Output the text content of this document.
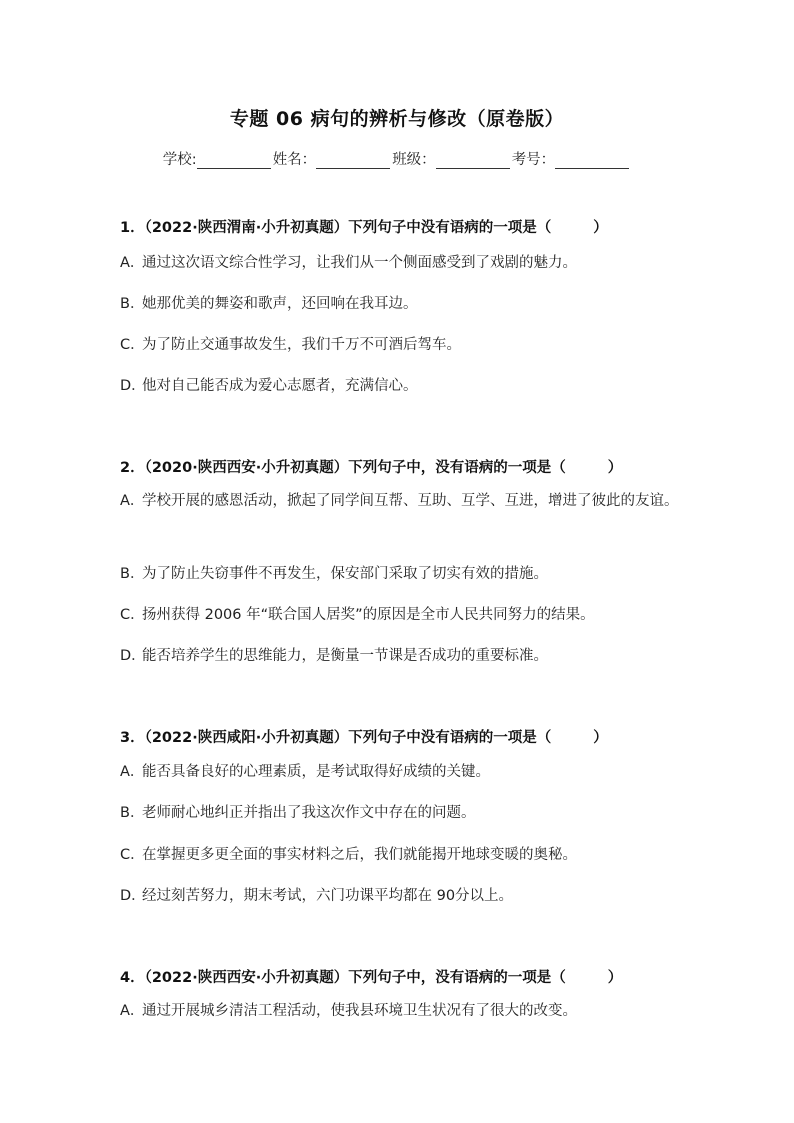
专题 06 病句的辨析与修改（原卷版）
学校:	姓名：	班级：	考号：
1．（2022·陕西渭南·小升初真题）下列句子中没有语病的一项是（	）
A．通过这次语文综合性学习，让我们从一个侧面感受到了戏剧的魅力。
B．她那优美的舞姿和歌声，还回响在我耳边。
C．为了防止交通事故发生，我们千万不可酒后驾车。
D．他对自己能否成为爱心志愿者，充满信心。
2．（2020·陕西西安·小升初真题）下列句子中，没有语病的一项是（	）
A．学校开展的感恩活动，掀起了同学间互帮、互助、互学、互进，增进了彼此的友谊。
B．为了防止失窃事件不再发生，保安部门采取了切实有效的措施。
C．扬州获得 2006 年“联合国人居奖”的原因是全市人民共同努力的结果。
D．能否培养学生的思维能力，是衡量一节课是否成功的重要标准。
3．（2022·陕西咸阳·小升初真题）下列句子中没有语病的一项是（	）
A．能否具备良好的心理素质，是考试取得好成绩的关键。
B．老师耐心地纠正并指出了我这次作文中存在的问题。
C．在掌握更多更全面的事实材料之后，我们就能揭开地球变暖的奥秘。
D．经过刻苦努力，期末考试，六门功课平均都在 90分以上。
4．（2022·陕西西安·小升初真题）下列句子中，没有语病的一项是（	）
A．通过开展城乡清洁工程活动，使我县环境卫生状况有了很大的改变。
